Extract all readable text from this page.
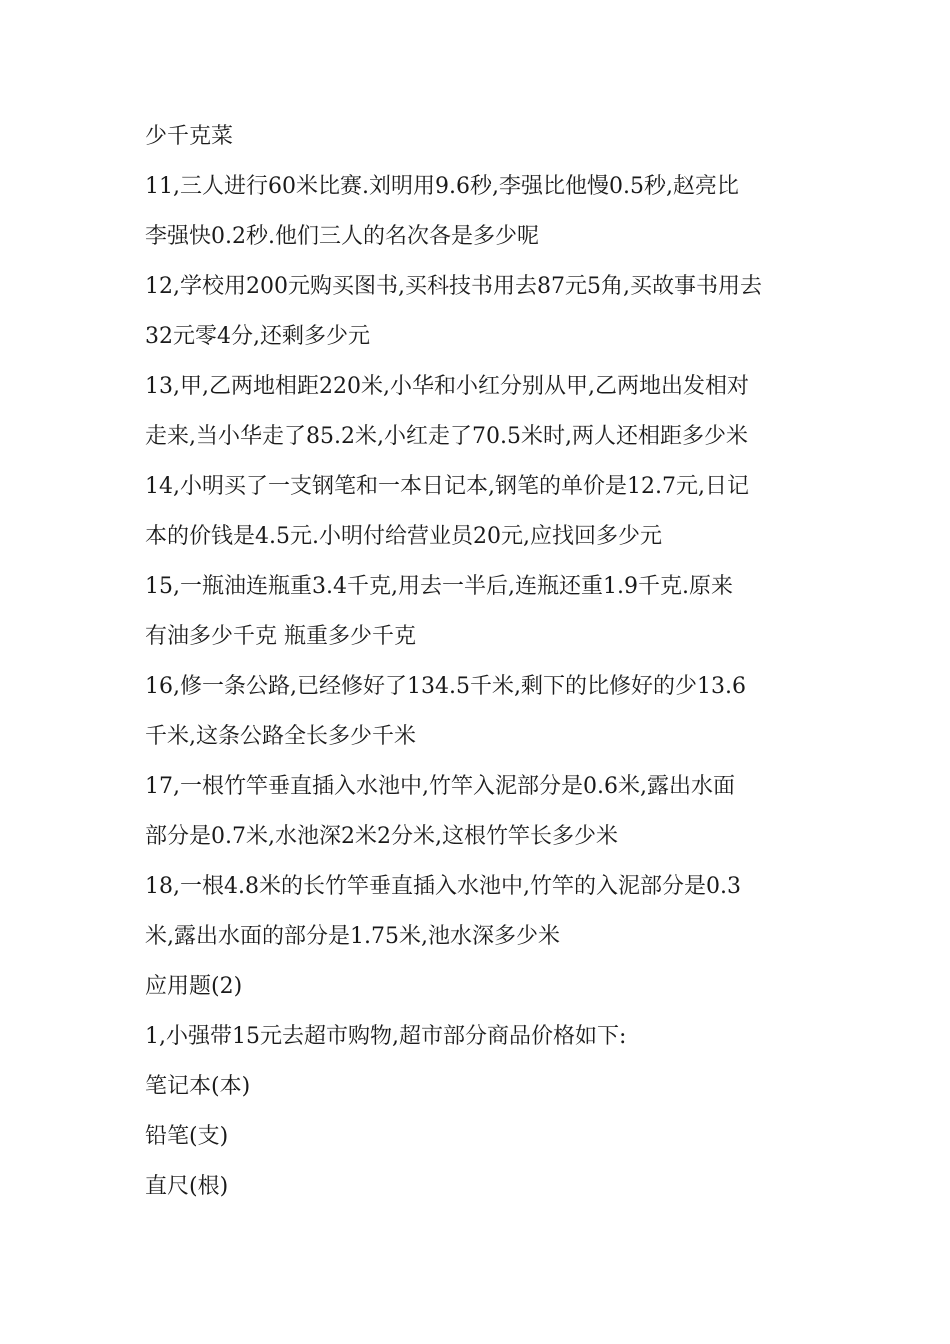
少千克菜
11,三人进行60米比赛.刘明用9.6秒,李强比他慢0.5秒,赵亮比
李强快0.2秒.他们三人的名次各是多少呢
12,学校用200元购买图书,买科技书用去87元5角,买故事书用去
32元零4分,还剩多少元
13,甲,乙两地相距220米,小华和小红分别从甲,乙两地出发相对
走来,当小华走了85.2米,小红走了70.5米时,两人还相距多少米
14,小明买了一支钢笔和一本日记本,钢笔的单价是12.7元,日记
本的价钱是4.5元.小明付给营业员20元,应找回多少元
15,一瓶油连瓶重3.4千克,用去一半后,连瓶还重1.9千克.原来
有油多少千克 瓶重多少千克
16,修一条公路,已经修好了134.5千米,剩下的比修好的少13.6
千米,这条公路全长多少千米
17,一根竹竿垂直插入水池中,竹竿入泥部分是0.6米,露出水面
部分是0.7米,水池深2米2分米,这根竹竿长多少米
18,一根4.8米的长竹竿垂直插入水池中,竹竿的入泥部分是0.3
米,露出水面的部分是1.75米,池水深多少米
应用题(2)
1,小强带15元去超市购物,超市部分商品价格如下:
笔记本(本)
铅笔(支)
直尺(根)
